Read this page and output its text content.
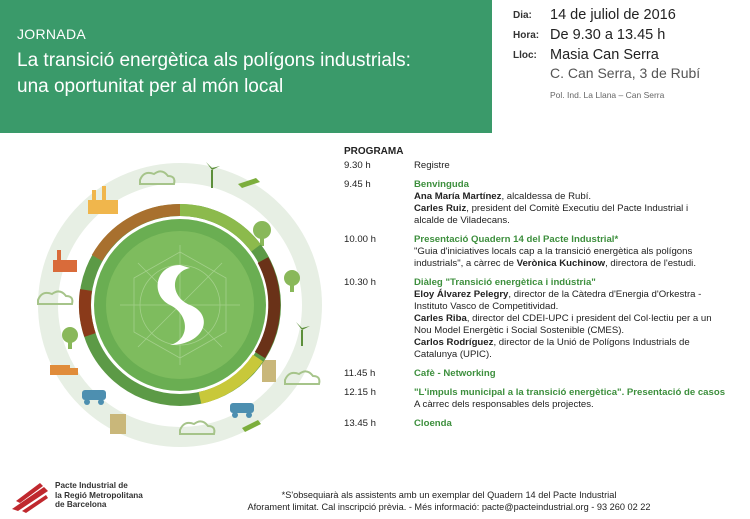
JORNADA
La transició energètica als polígons industrials:
una oportunitat per al món local
Dia: 14 de juliol de 2016
Hora: De 9.30 a 13.45 h
Lloc: Masia Can Serra
C. Can Serra, 3 de Rubí
Pol. Ind. La Llana – Can Serra
PROGRAMA
9.30 h	Registre
9.45 h	Benvinguda
Ana María Martínez, alcaldessa de Rubí.
Carles Ruiz, president del Comitè Executiu del Pacte Industrial i
alcalde de Viladecans.
10.00 h	Presentació Quadern 14 del Pacte Industrial*
"Guia d'iniciatives locals cap a la transició energètica als polígons
industrials", a càrrec de Verònica Kuchinow, directora de l'estudi.
10.30 h	Diàleg "Transició energètica i indústria"
Eloy Álvarez Pelegry, director de la Càtedra d'Energia d'Orkestra -
Instituto Vasco de Competitividad.
Carles Riba, director del CDEI-UPC i president del Col·lectiu per a un
Nou Model Energètic i Social Sostenible (CMES).
Carlos Rodríguez, director de la Unió de Polígons Industrials de
Catalunya (UPIC).
11.45 h	Cafè - Networking
12.15 h	"L'impuls municipal a la transició energètica". Presentació de casos
A càrrec dels responsables dels projectes.
13.45 h	Cloenda
Pacte Industrial de
la Regió Metropolitana
de Barcelona
*S'obsequiarà als assistents amb un exemplar del Quadern 14 del Pacte Industrial
Aforament limitat. Cal inscripció prèvia. - Més informació: pacte@pacteindustrial.org - 93 260 02 22
